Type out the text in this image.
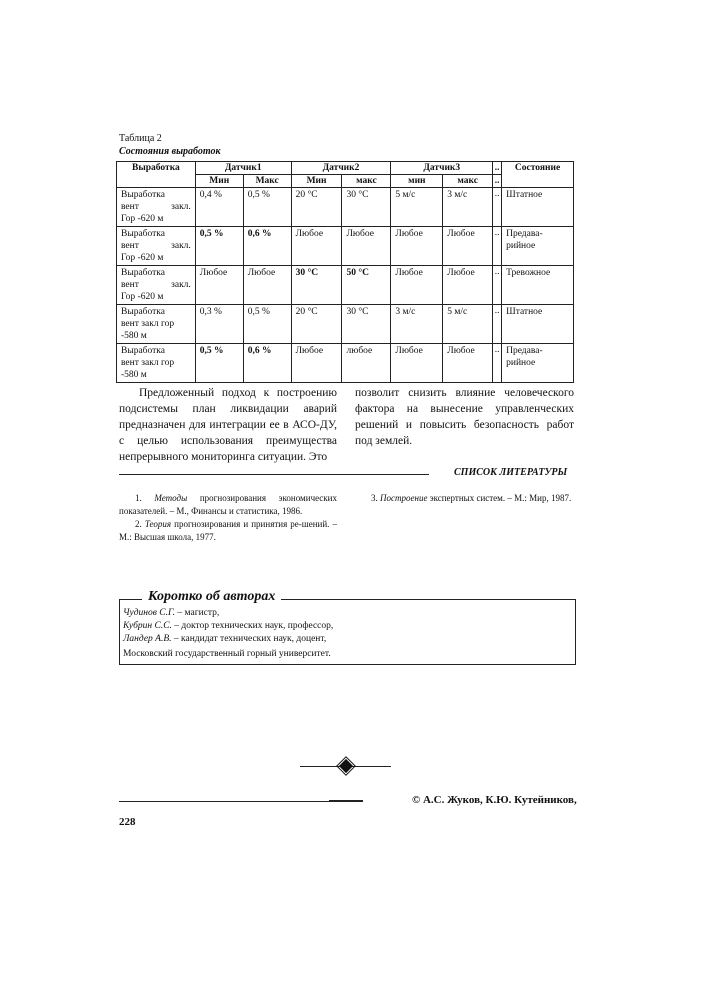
Таблица 2
Состояния выработок
Выработка	Датчик1		Датчик2		Датчик3		..	Состояние
	Мин	Макс	Мин	макс	мин	макс	..	

Выработка
вент закл.
Гор -620 м	0,4 %	0,5 %	20 °С	30 °С	5 м/с	3 м/с	..	Штатное

Выработка
вент закл.
Гор -620 м	0,5 %	0,6 %	Любое	Любое	Любое	Любое	..	Предава-рийное

Выработка
вент закл.
Гор -620 м	Любое	Любое	30 °С	50 °С	Любое	Любое	..	Тревожное

Выработка
вент закл гор
-580 м	0,3 %	0,5 %	20 °С	30 °С	3 м/с	5 м/с	..	Штатное

Выработка
вент закл гор
-580 м	0,5 %	0,6 %	Любое	любое	Любое	Любое	..	Предава-рийное
Предложенный подход к построению подсистемы план ликвидации аварий предназначен для интеграции ее в АСО-ДУ, с целью использования преимущества непрерывного мониторинга ситуации. Это
позволит снизить влияние человеческого фактора на вынесение управленческих решений и повысить безопасность работ под землей.
СПИСОК ЛИТЕРАТУРЫ

1. Методы прогнозирования экономических показателей. – М., Финансы и статистика, 1986.

2. Теория прогнозирования и принятия ре-шений. – М.: Высшая школа, 1977.

3. Построение экспертных систем. – М.: Мир, 1987.

Чудинов С.Г. – магистр,
Кубрин С.С. – доктор технических наук, профессор,
Ландер А.В. – кандидат технических наук, доцент,
Московский государственный горный университет.
Коротко об авторах
© А.С. Жуков, К.Ю. Кутейников,
228
